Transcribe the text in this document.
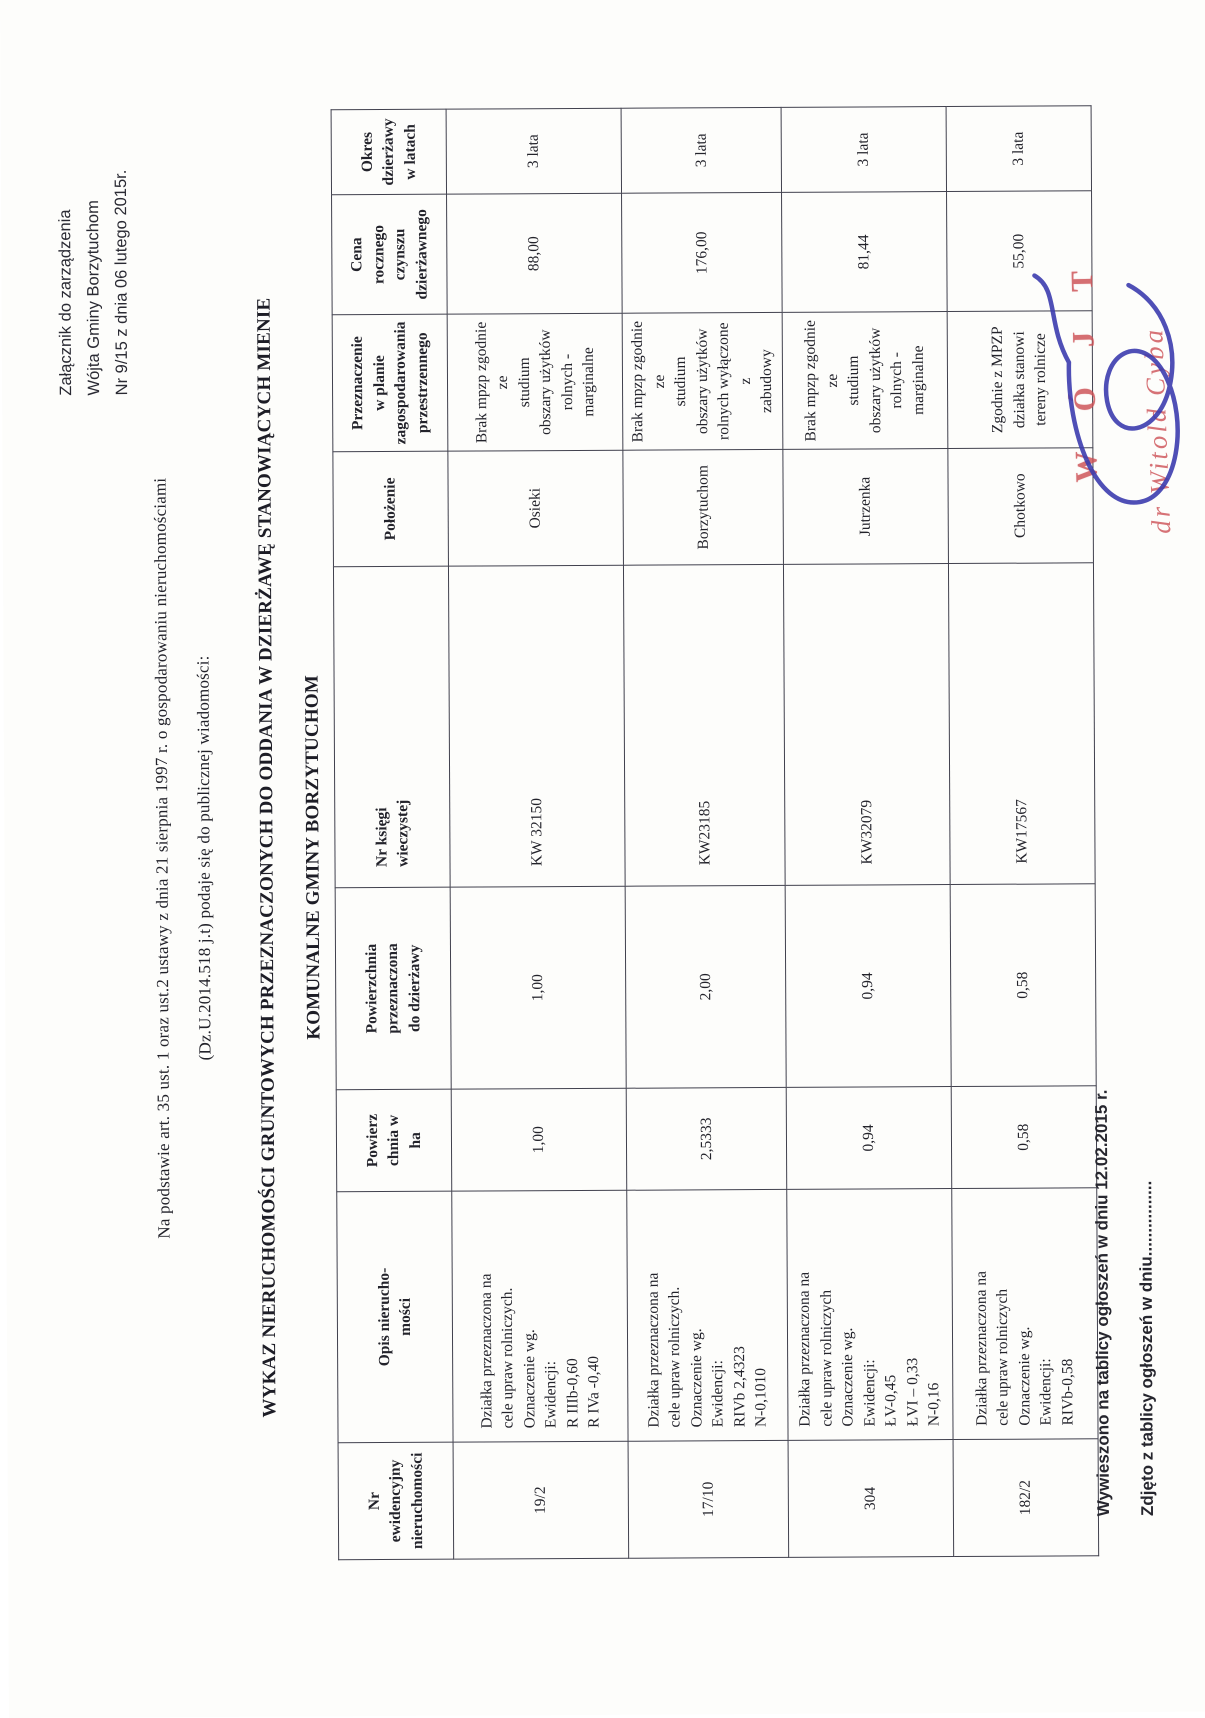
Załącznik do zarządzenia Wójta Gminy Borzytuchom Nr 9/15 z dnia 06 lutego 2015r.
Na podstawie art. 35 ust. 1 oraz ust.2 ustawy z dnia 21 sierpnia 1997 r. o gospodarowaniu nieruchomościami (Dz.U.2014.518 j.t) podaje się do publicznej wiadomości: WYKAZ NIERUCHOMOŚCI GRUNTOWYCH PRZEZNACZONYCH DO ODDANIA W DZIERŻAWĘ STANOWIĄCYCH MIENIE KOMUNALNE GMINY BORZYTUCHOM
Nr
ewidencyjny
nieruchomości	Opis nierucho-
mości	Powierz
chnia w
ha	Powierzchnia
przeznaczona
do dzierżawy	Nr księgi
wieczystej	Położenie	Przeznaczenie
w planie
zagospodarowania
przestrzennego	Cena
rocznego
czynszu
dzierżawnego	Okres
dzierżawy
w latach
19/2	Działka przeznaczona na
cele upraw rolniczych.
Oznaczenie wg.
Ewidencji:
R IIIb-0,60
R IVa -0,40	1,00	1,00	KW 32150	Osieki	Brak mpzp zgodnie ze
studium
obszary użytków
rolnych - marginalne	88,00	3 lata
17/10	Działka przeznaczona na
cele upraw rolniczych.
Oznaczenie wg.
Ewidencji:
RIVb 2,4323
N-0,1010	2,5333	2,00	KW23185	Borzytuchom	Brak mpzp zgodnie ze
studium
obszary użytków
rolnych wyłączone z
zabudowy	176,00	3 lata
304	Działka przeznaczona na
cele upraw rolniczych
Oznaczenie wg.
Ewidencji:
ŁV-0,45
ŁVI – 0,33
N-0,16	0,94	0,94	KW32079	Jutrzenka	Brak mpzp zgodnie ze
studium
obszary użytków
rolnych - marginalne	81,44	3 lata
182/2	Działka przeznaczona na
cele upraw rolniczych
Oznaczenie wg.
Ewidencji:
RIVb-0,58	0,58	0,58	KW17567	Chotkowo	Zgodnie z MPZP
działka stanowi
tereny rolnicze	55,00	3 lata
Wywieszono na tablicy ogłoszeń w dniu 12.02.2015 r. Zdjęto z tablicy ogłoszeń w dniu................
WÓJT dr Witold Cyba
